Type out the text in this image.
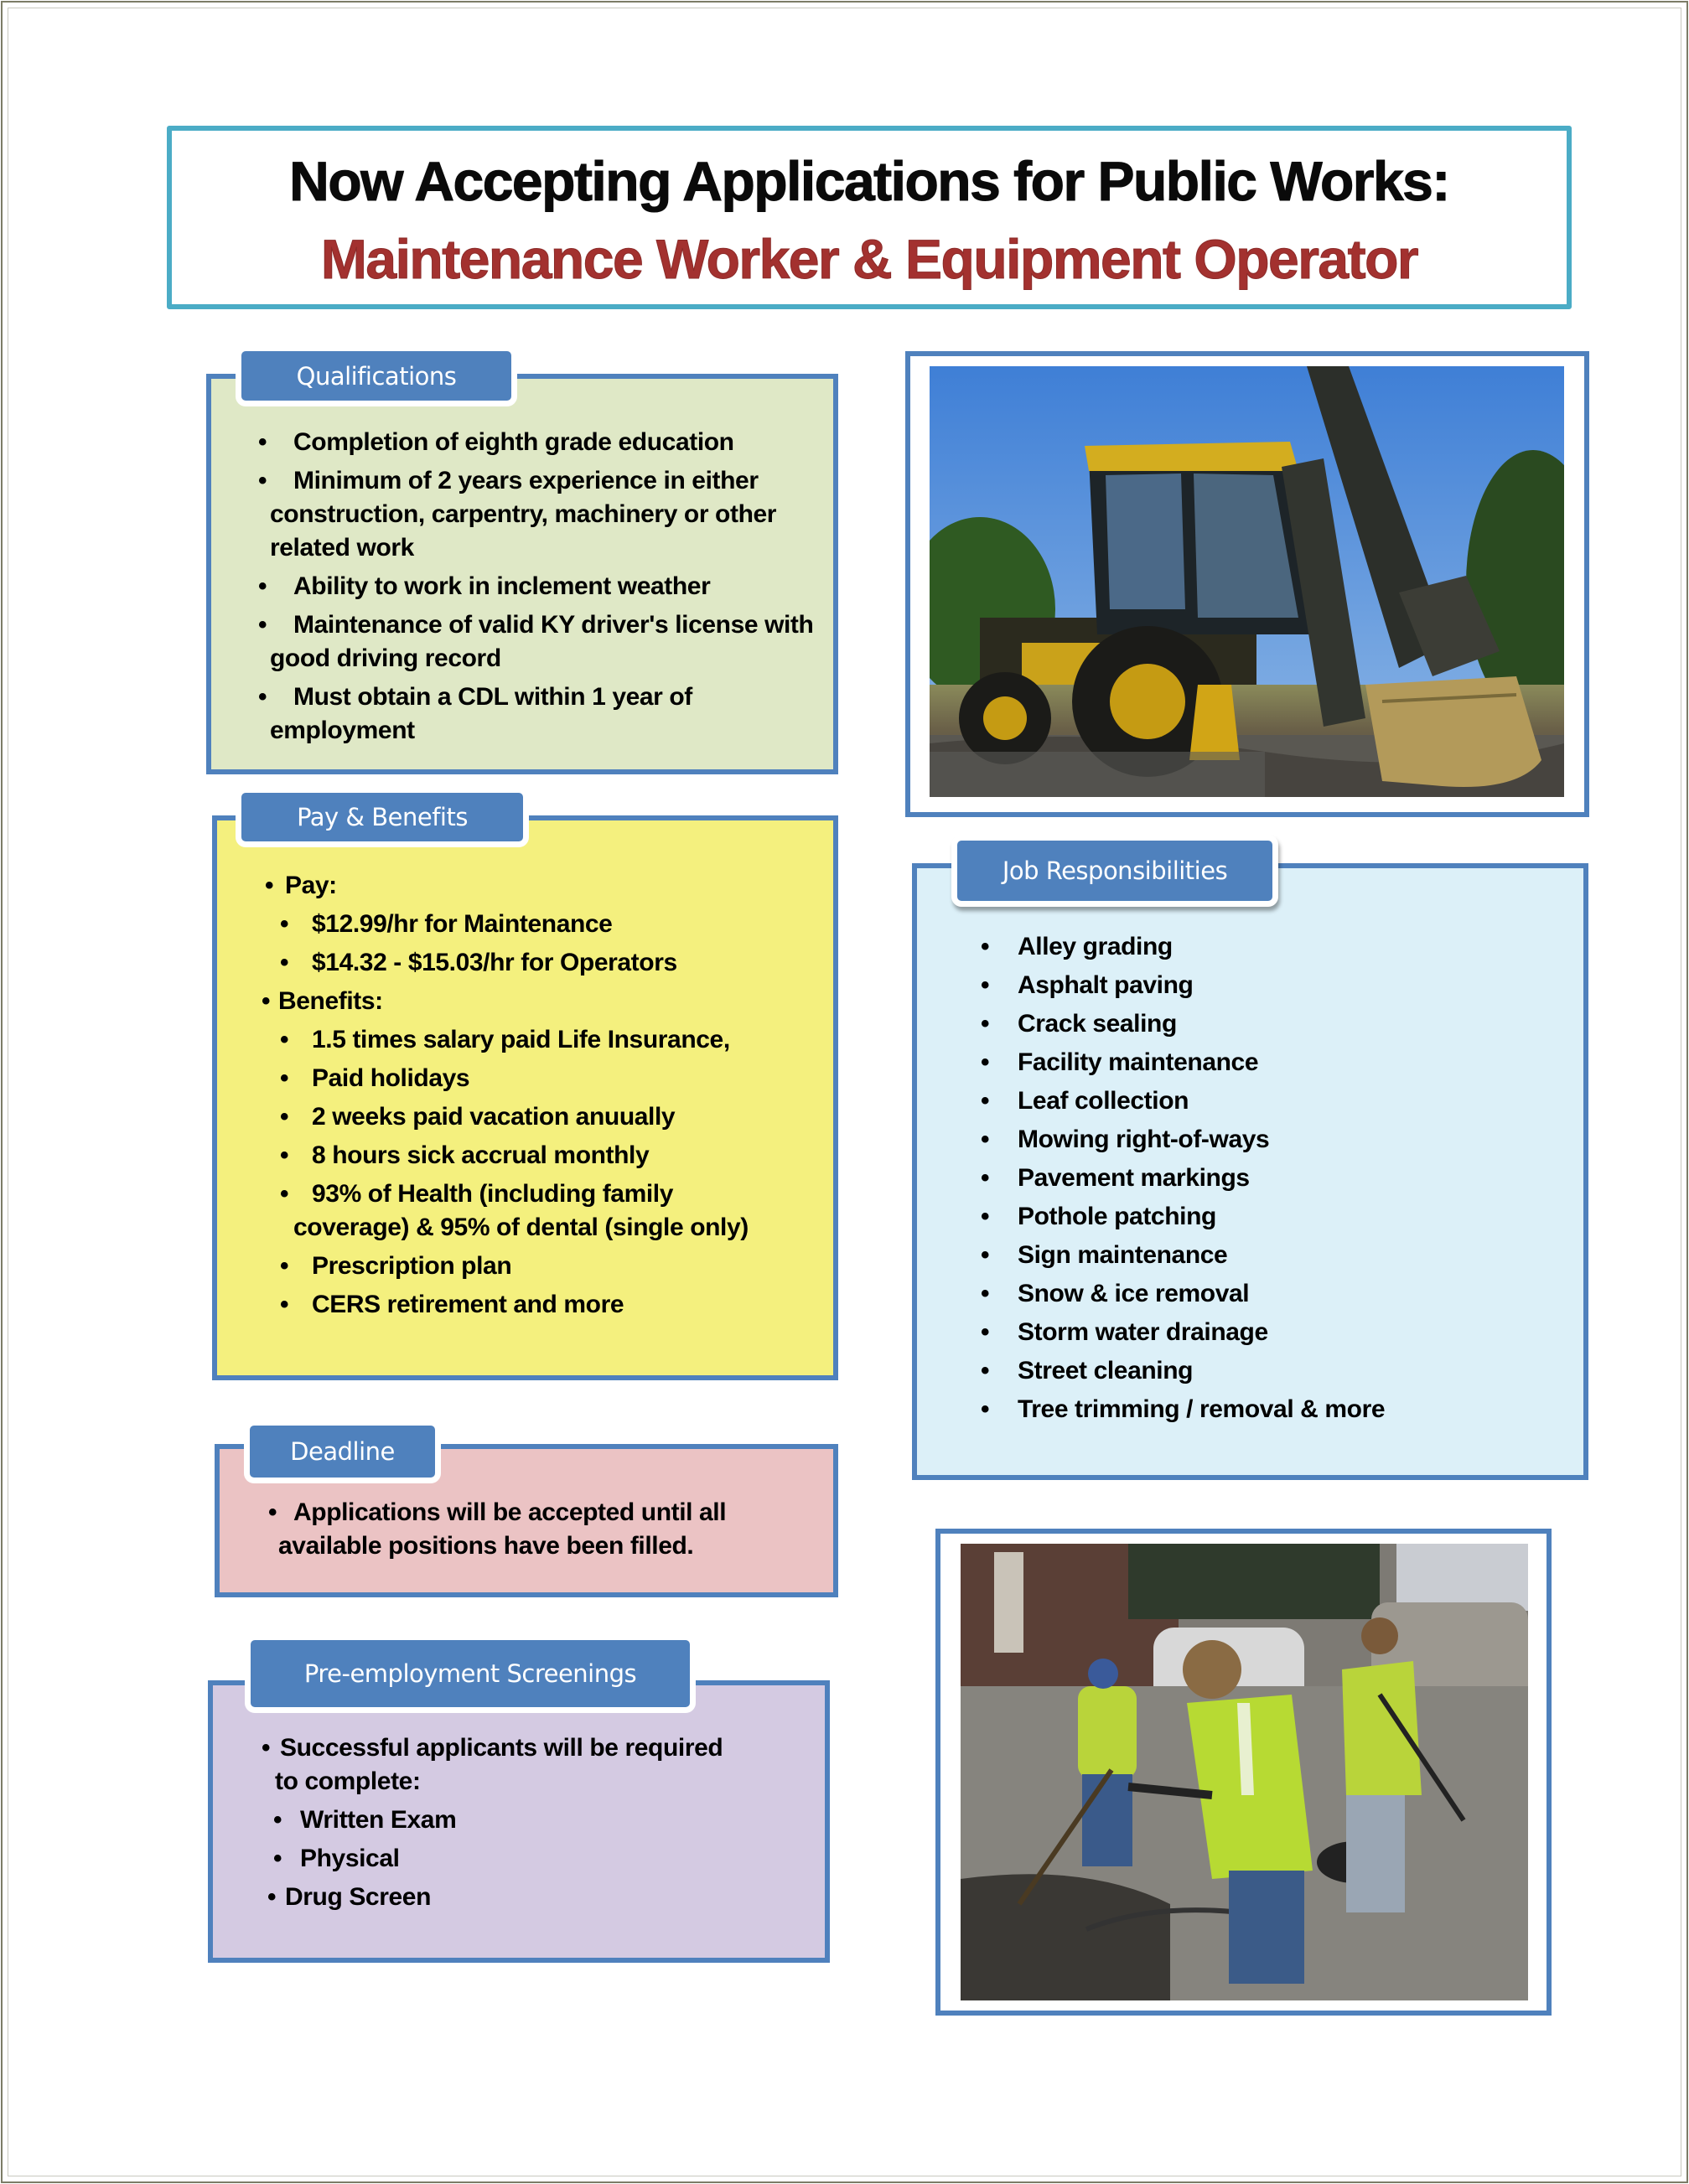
Now Accepting Applications for Public Works:
Maintenance Worker & Equipment Operator
Qualifications
•	Completion of eighth grade education
•	Minimum of 2 years experience in either construction, carpentry, machinery or other related work
•	Ability to work in inclement weather
•	Maintenance of valid KY driver's license with good driving record
•	Must obtain a CDL within 1 year of employment
Pay & Benefits
• Pay:
• $12.99/hr for Maintenance
• $14.32 - $15.03/hr for Operators
• Benefits:
• 1.5 times salary paid Life Insurance,
• Paid holidays
• 2 weeks paid vacation anuually
• 8 hours sick accrual monthly
• 93% of Health (including family
coverage) & 95% of dental (single only)
• Prescription plan
• CERS retirement and more
Deadline
• Applications will be accepted until all
available positions have been filled.
Pre-employment Screenings
• Successful applicants will be required
to complete:
• Written Exam
• Physical
• Drug Screen
Job Responsibilities
• Alley grading
• Asphalt paving
• Crack sealing
• Facility maintenance
• Leaf collection
• Mowing right-of-ways
• Pavement markings
• Pothole patching
• Sign maintenance
• Snow & ice removal
• Storm water drainage
• Street cleaning
• Tree trimming / removal & more
